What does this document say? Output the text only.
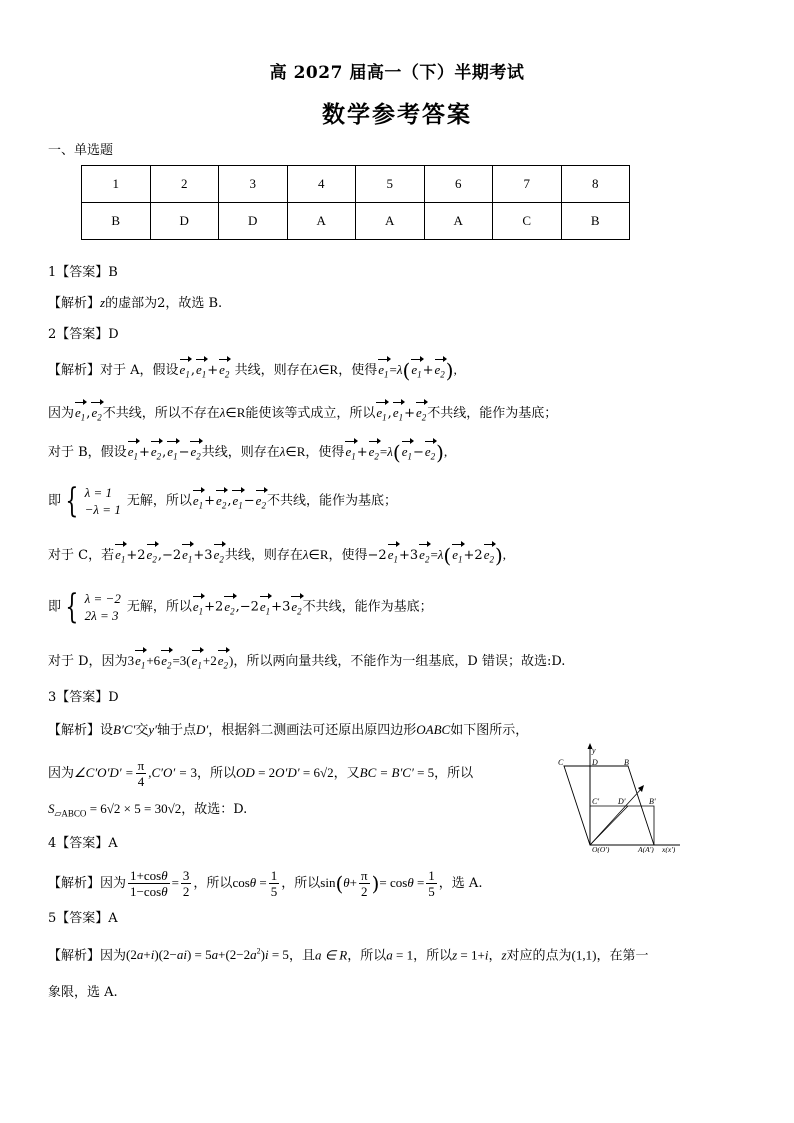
高 2027 届高一（下）半期考试
数学参考答案
一、单选题
1	2	3	4	5	6	7	8
B	D	D	A	A	A	C	B
1【答案】B
【解析】z的虚部为2，故选 B.
2【答案】D
【解析】对于 A，假设$e_1,e_1+e_2$ 共线，则存在λ∈R，使得$e_1=\lambda(e_1+e_2)$,
因为$e_1,e_2$不共线，所以不存在λ∈R能使该等式成立，所以$e_1,e_1+e_2$不共线，能作为基底；
对于 B，假设$e_1+e_2,e_1-e_2$共线，则存在λ∈R，使得$e_1+e_2=\lambda(e_1-e_2)$,
即 { λ = 1
−λ = 1无解，所以$e_1+e_2,e_1-e_2$不共线，能作为基底；
对于 C，若$e_1+2e_2,-2e_1+3e_2$共线，则存在λ∈R，使得$-2e_1+3e_2=\lambda(e_1+2e_2)$,
即 { λ = −2
2λ = 3无解，所以$e_1+2e_2,-2e_1+3e_2$不共线，能作为基底；
对于 D，因为$3e_1+6e_2=3(e_1+2e_2)$，所以两向量共线，不能作为一组基底，D 错误；故选:D.
3【答案】D
【解析】设B′C′交y′轴于点D′，根据斜二测画法可还原出原四边形OABC如下图所示，
因为∠C′O′D′ = $\frac{\pi}{4} ,C'O' = 3$，所以OD = 2O′D′ = 6√2，又BC = B′C′ = 5，所以
$S_{▱ABCO} = 6√2 \times 5 = 30√2$，故选：D.
y
C	D	B
C' D'	B'
O(O')	A(A') x(x')
4【答案】A
【解析】因为 $\frac{1+\cos\theta}{1-\cos\theta} = \frac{3}{2}$ ，所以$\cos\theta = \frac{1}{5}$ ，所以$\sin(\theta+ \frac{\pi}{2}$ )= $\cos\theta = \frac{1}{5}$ ，选 A.
5【答案】A
【解析】因为$(2a+i)(2-ai) = 5a+(2-2a^2)i = 5$，且a ∈ R，所以a = 1，所以z = 1+i，z对应的点为(1,1)，在第一
象限，选 A.
